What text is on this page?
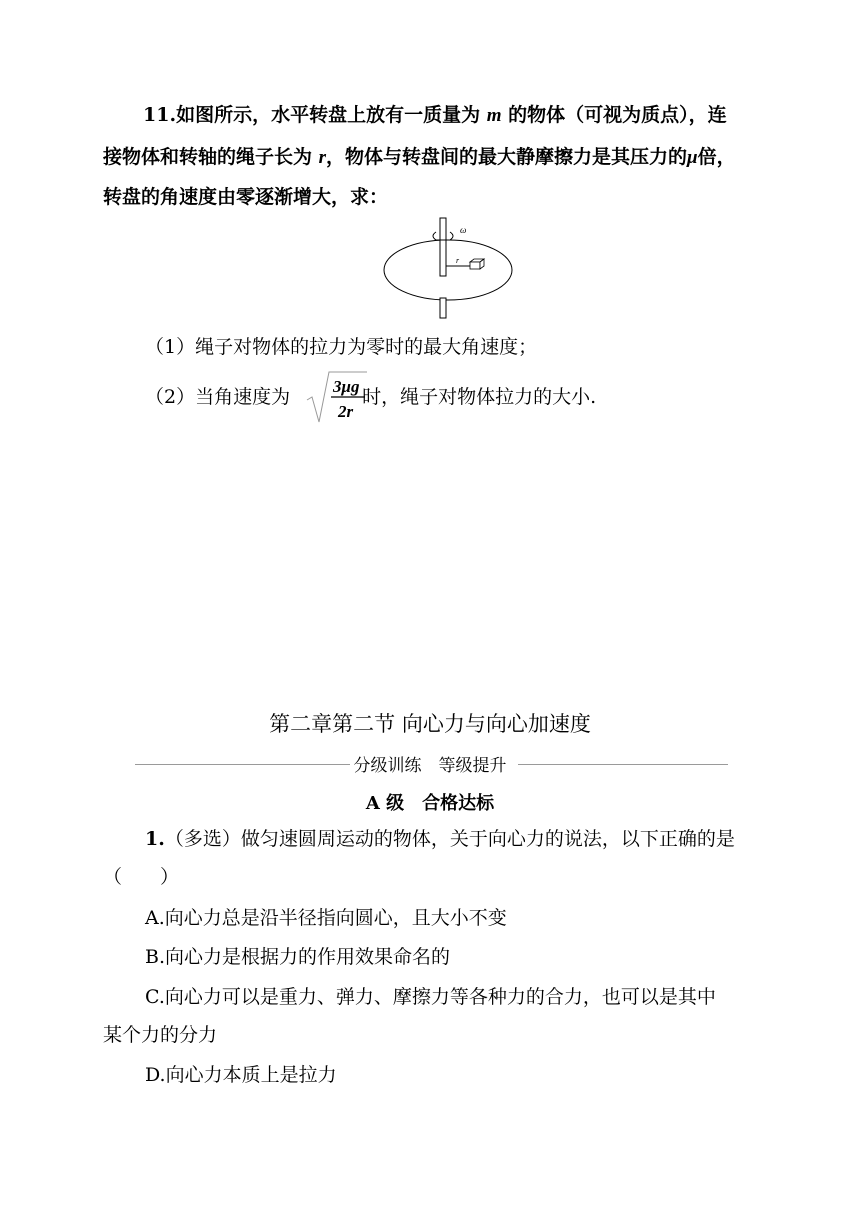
11.如图所示，水平转盘上放有一质量为 m 的物体（可视为质点），连
接物体和转轴的绳子长为 r，物体与转盘间的最大静摩擦力是其压力的μ倍，
转盘的角速度由零逐渐增大，求：
ω
r
（1）绳子对物体的拉力为零时的最大角速度；
（2）当角速度为	时，绳子对物体拉力的大小.
3μg
2r
第二章第二节 向心力与向心加速度
分级训练　等级提升
A 级　合格达标
1.（多选）做匀速圆周运动的物体，关于向心力的说法，以下正确的是
（　　）
A.向心力总是沿半径指向圆心，且大小不变
B.向心力是根据力的作用效果命名的
C.向心力可以是重力、弹力、摩擦力等各种力的合力，也可以是其中
某个力的分力
D.向心力本质上是拉力
